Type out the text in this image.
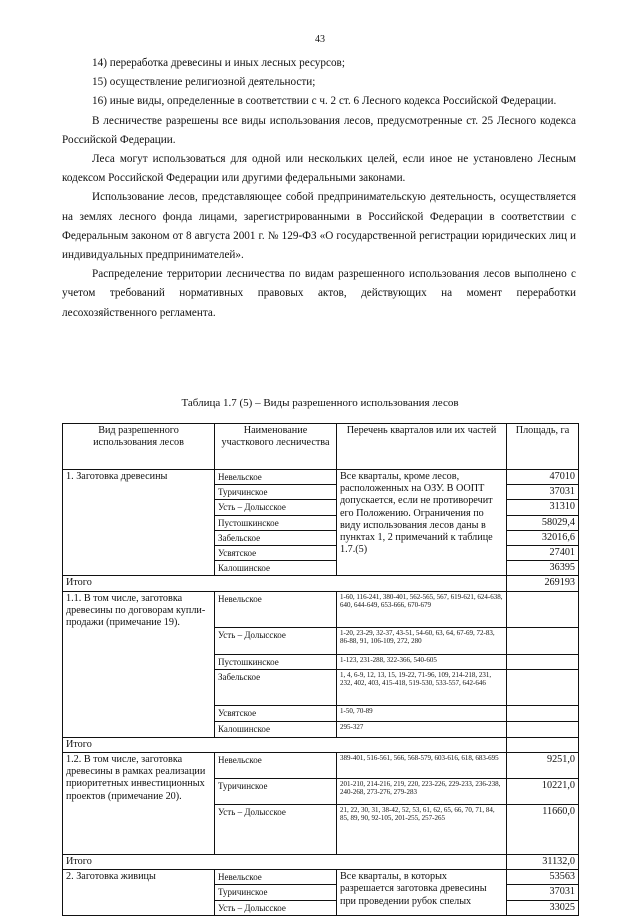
43

14) переработка древесины и иных лесных ресурсов;

15) осуществление религиозной деятельности;

16) иные виды, определенные в соответствии с ч. 2 ст. 6 Лесного кодекса Российской Федерации.

В лесничестве разрешены все виды использования лесов, предусмотренные ст. 25 Лесного кодекса Российской Федерации.

Леса могут использоваться для одной или нескольких целей, если иное не установлено Лесным кодексом Российской Федерации или другими федеральными законами.

Использование лесов, представляющее собой предпринимательскую деятельность, осуществляется на землях лесного фонда лицами, зарегистрированными в Российской Федерации в соответствии с Федеральным законом от 8 августа 2001 г. № 129-ФЗ «О государственной регистрации юридических лиц и индивидуальных предпринимателей».

Распределение территории лесничества по видам разрешенного использования лесов выполнено с учетом требований нормативных правовых актов, действующих на момент переработки лесохозяйственного регламента.

Таблица 1.7 (5) – Виды разрешенного использования лесов
Вид разрешенного использования лесов	Наименование участкового лесничества	Перечень кварталов или их частей	Площадь, га
1. Заготовка древесины	Невельское	Все кварталы, кроме лесов, расположенных на ОЗУ. В ООПТ допускается, если не противоречит его Положению. Ограничения по виду использования лесов даны в пунктах 1, 2 примечаний к таблице 1.7.(5)	47010
	Туричинское		37031
	Усть – Долысское		31310
	Пустошкинское		58029,4
	Забельское		32016,6
	Усвятское		27401
	Калошинское		36395
Итого			269193
1.1. В том числе, заготовка древесины по договорам купли-продажи (примечание 19).	Невельское	1-60, 116-241, 380-401, 562-565, 567, 619-621, 624-638, 640, 644-649, 653-666, 670-679	
	Усть – Долысское	1-20, 23-29, 32-37, 43-51, 54-60, 63, 64, 67-69, 72-83, 86-88, 91, 106-109, 272, 280	
	Пустошкинское	1-123, 231-288, 322-366, 540-605	
	Забельское	1, 4, 6-9, 12, 13, 15, 19-22, 71-96, 109, 214-218, 231, 232, 402, 403, 415-418, 519-530, 533-557, 642-646	
	Усвятское	1-50, 70-89	
	Калошинское	295-327	
Итого			
1.2. В том числе, заготовка древесины в рамках реализации приоритетных инвестиционных проектов (примечание 20).	Невельское	389-401, 516-561, 566, 568-579, 603-616, 618, 683-695	9251,0
	Туричинское	201-210, 214-216, 219, 220, 223-226, 229-233, 236-238, 240-268, 273-276, 279-283	10221,0
	Усть – Долысское	21, 22, 30, 31, 38-42, 52, 53, 61, 62, 65, 66, 70, 71, 84, 85, 89, 90, 92-105, 201-255, 257-265	11660,0
Итого			31132,0
2. Заготовка живицы	Невельское	Все кварталы, в которых разрешается заготовка древесины при проведении рубок спелых	53563
	Туричинское		37031
	Усть – Долысское		33025
